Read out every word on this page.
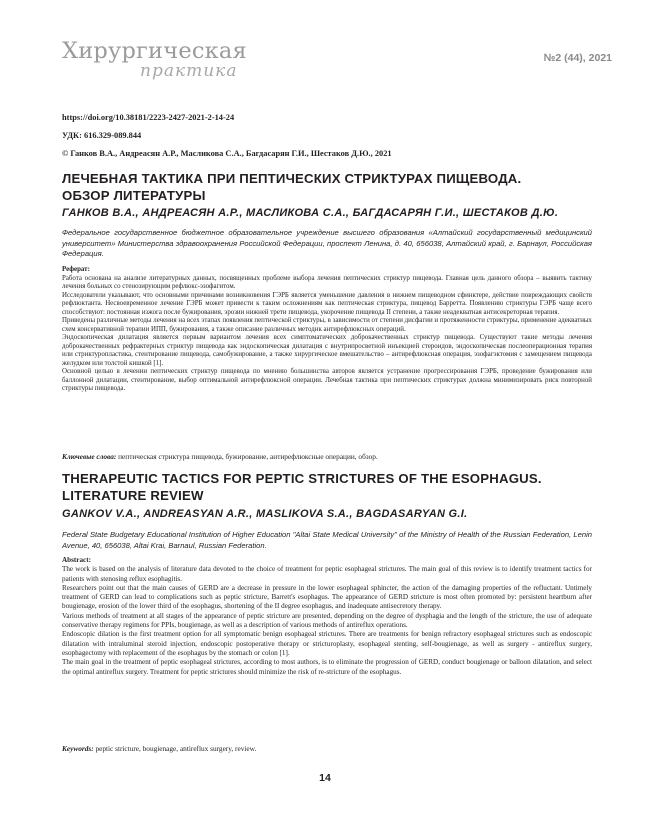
Хирургическая
практика
№2 (44), 2021
https://doi.org/10.38181/2223-2427-2021-2-14-24
УДК: 616.329-089.844
© Ганков В.А., Андреасян А.Р., Масликова С.А., Багдасарян Г.И., Шестаков Д.Ю., 2021
ЛЕЧЕБНАЯ ТАКТИКА ПРИ ПЕПТИЧЕСКИХ СТРИКТУРАХ ПИЩЕВОДА.
ОБЗОР ЛИТЕРАТУРЫ
ГАНКОВ В.А., АНДРЕАСЯН А.Р., МАСЛИКОВА С.А., БАГДАСАРЯН Г.И., ШЕСТАКОВ Д.Ю.
Федеральное государственное бюджетное образовательное учреждение высшего образования «Алтайский государственный медицинский университет» Министерства здравоохранения Российской Федерации, проспект Ленина, д. 40, 656038, Алтайский край, г. Барнаул, Российская Федерация.
Реферат:

Работа основана на анализе литературных данных, посвященных проблеме выбора лечения пептических стриктур пищевода. Главная цель данного обзора – выявить тактику лечения больных со стенозирующим рефлюкс-эзофагитом.

Исследователи указывают, что основными причинами возникновения ГЭРБ является уменьшение давления в нижнем пищеводном сфинктере, действие повреждающих свойств рефлюктанта. Несвоевременное лечение ГЭРБ может привести к таким осложнениям как пептическая стриктура, пищевод Барретта. Появлению стриктуры ГЭРБ чаще всего способствуют: постоянная изжога после бужирования, эрозии нижней трети пищевода, укорочение пищевода II степени, а также неадекватная антисекреторная терапия.

Приведены различные методы лечения на всех этапах появления пептической стриктуры, в зависимости от степени дисфагии и протяженности стриктуры, применение адекватных схем консервативной терапии ИПП, бужирования, а также описание различных методик антирефлюксных операций.

Эндоскопическая дилатация является первым вариантом лечения всех симптоматических доброкачественных стриктур пищевода. Существуют такие методы лечения доброкачественных рефрактерных стриктур пищевода как эндоскопическая дилатация с внутрипросветной инъекцией стероидов, эндоскопическая послеоперационная терапия или стриктуропластика, стентирование пищевода, самобужирование, а также хирургическое вмешательство – антирефлюксная операция, эзофагэктомия с замещением пищевода желудком или толстой кишкой [1].

Основной целью в лечении пептических стриктур пищевода по мнению большинства авторов является устранение прогрессирования ГЭРБ, проведение бужирования или баллонной дилатации, стентирование, выбор оптимальной антирефлюксной операции. Лечебная тактика при пептических стриктурах должна минимизировать риск повторной стриктуры пищевода.

Ключевые слова: пептическая стриктура пищевода, бужирование, антирефлюксные операции, обзор.
THERAPEUTIC TACTICS FOR PEPTIC STRICTURES OF THE ESOPHAGUS.
LITERATURE REVIEW
GANKOV V.A., ANDREASYAN A.R., MASLIKOVA S.A., BAGDASARYAN G.I.
Federal State Budgetary Educational Institution of Higher Education "Altai State Medical University" of the Ministry of Health of the Russian Federation, Lenin Avenue, 40, 656038, Altai Krai, Barnaul, Russian Federation.
Abstract:

The work is based on the analysis of literature data devoted to the choice of treatment for peptic esophageal strictures. The main goal of this review is to identify treatment tactics for patients with stenosing reflux esophagitis.

Researchers point out that the main causes of GERD are a decrease in pressure in the lower esophageal sphincter, the action of the damaging properties of the refluctant. Untimely treatment of GERD can lead to complications such as peptic stricture, Barrett's esophagus. The appearance of GERD stricture is most often promoted by: persistent heartburn after bougienage, erosion of the lower third of the esophagus, shortening of the II degree esophagus, and inadequate antisecretory therapy.

Various methods of treatment at all stages of the appearance of peptic stricture are presented, depending on the degree of dysphagia and the length of the stricture, the use of adequate conservative therapy regimens for PPIs, bougienage, as well as a description of various methods of antireflux operations.

Endoscopic dilation is the first treatment option for all symptomatic benign esophageal strictures. There are treatments for benign refractory esophageal strictures such as endoscopic dilatation with intraluminal steroid injection, endoscopic postoperative therapy or stricturoplasty, esophageal stenting, self-bougienage, as well as surgery - antireflux surgery, esophagectomy with replacement of the esophagus by the stomach or colon [1].

The main goal in the treatment of peptic esophageal strictures, according to most authors, is to eliminate the progression of GERD, conduct bougienage or balloon dilatation, and select the optimal antireflux surgery. Treatment for peptic strictures should minimize the risk of re-stricture of the esophagus.

Keywords: peptic stricture, bougienage, antireflux surgery, review.
14
